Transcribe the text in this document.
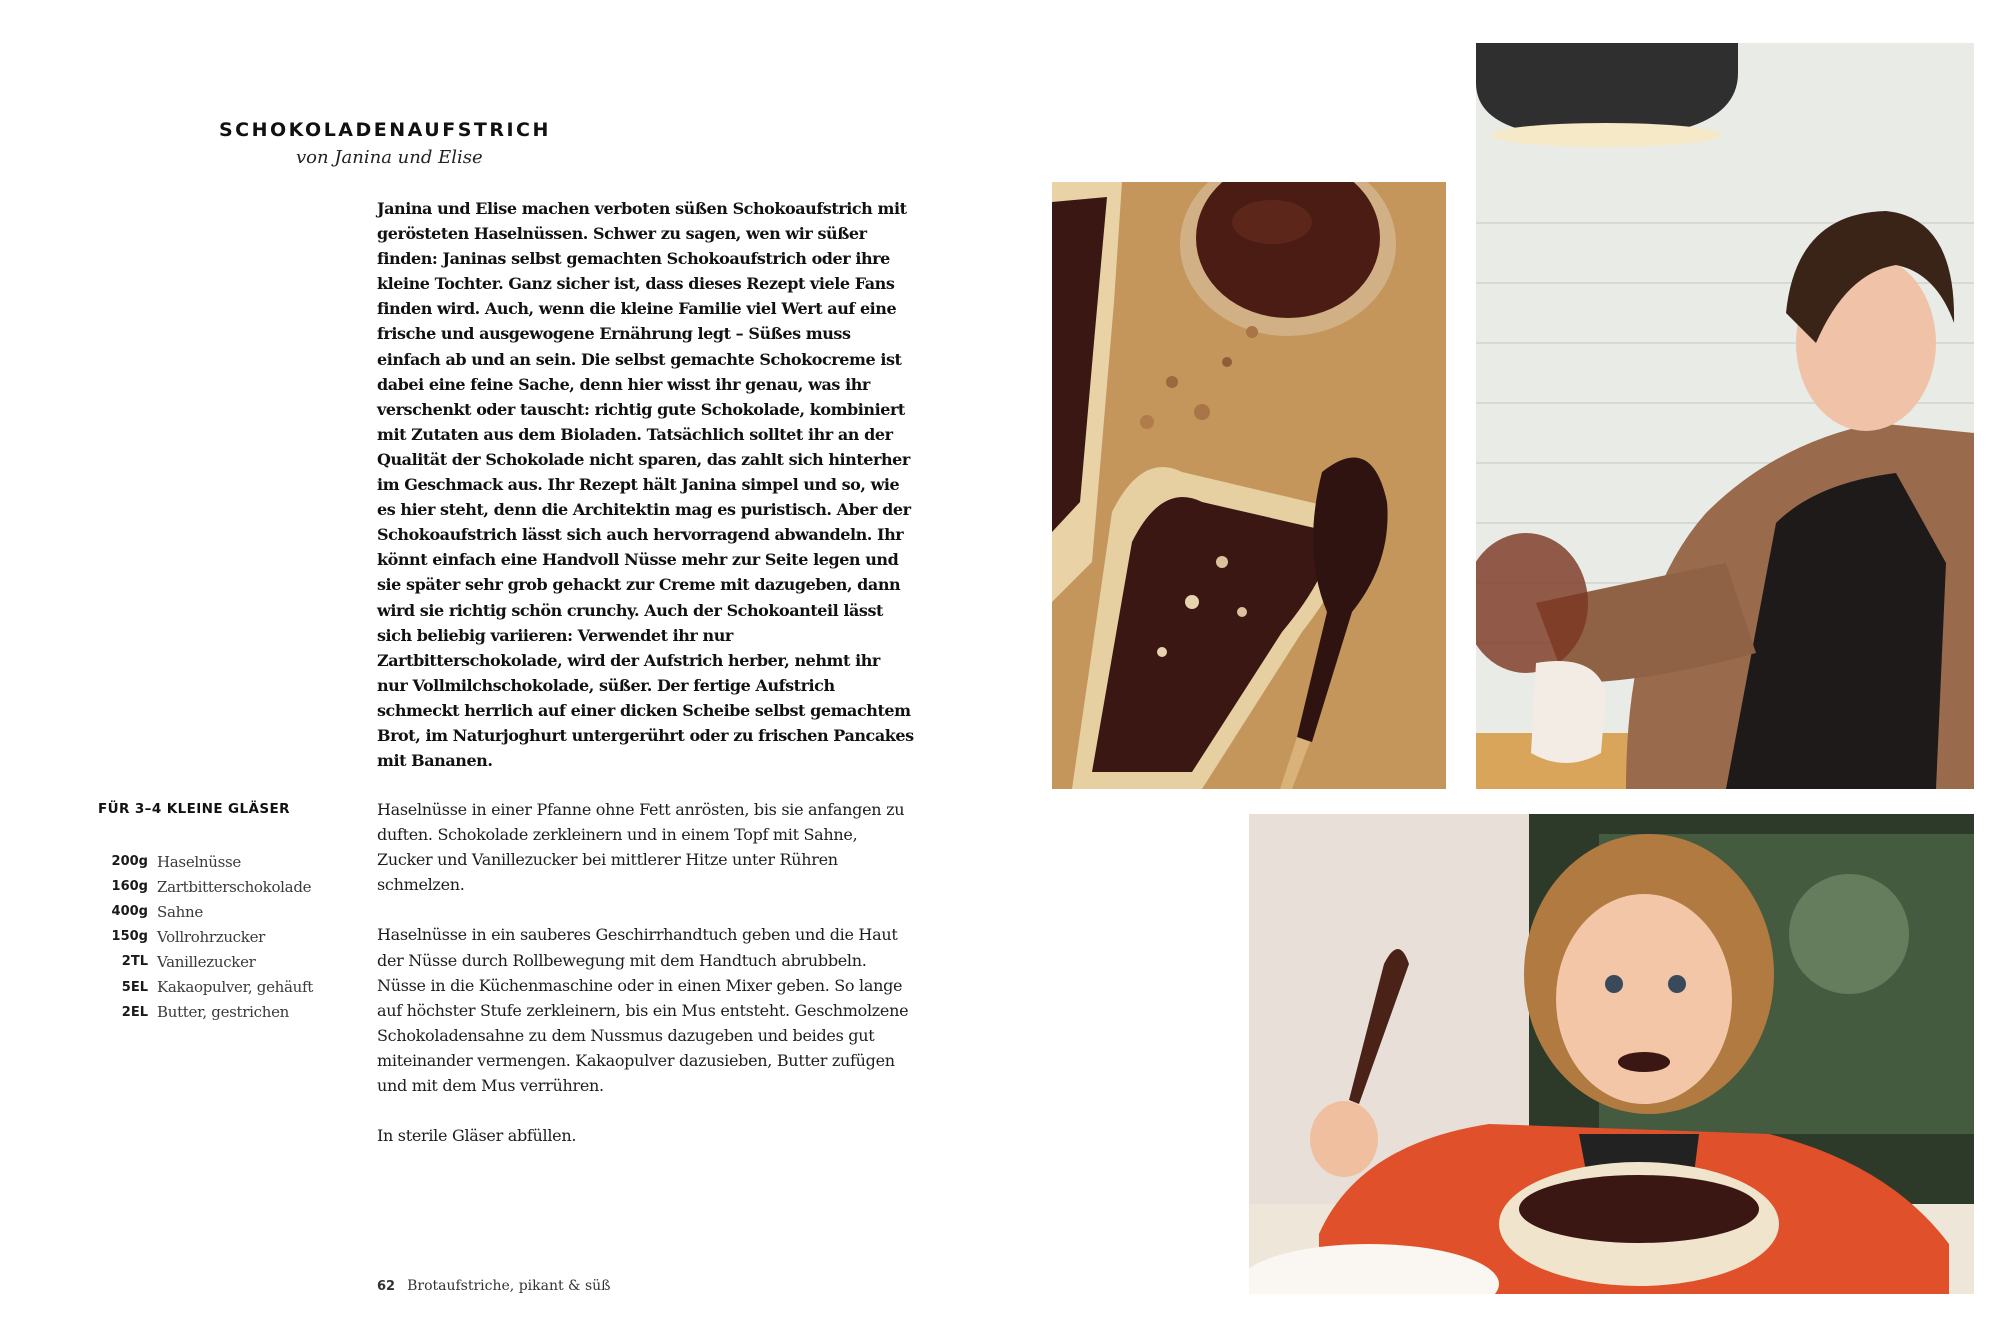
SCHOKOLADENAUFSTRICH
von Janina und Elise

Janina und Elise machen verboten süßen Schokoaufstrich mit gerösteten Haselnüssen. Schwer zu sagen, wen wir süßer finden: Janinas selbst gemachten Schokoaufstrich oder ihre kleine Tochter. Ganz sicher ist, dass dieses Rezept viele Fans finden wird. Auch, wenn die kleine Familie viel Wert auf eine frische und ausgewogene Ernährung legt – Süßes muss einfach ab und an sein. Die selbst gemachte Schokocreme ist dabei eine feine Sache, denn hier wisst ihr genau, was ihr verschenkt oder tauscht: richtig gute Schokolade, kombiniert mit Zutaten aus dem Bioladen. Tatsächlich solltet ihr an der Qualität der Schokolade nicht sparen, das zahlt sich hinterher im Geschmack aus. Ihr Rezept hält Janina simpel und so, wie es hier steht, denn die Architektin mag es puristisch. Aber der Schokoaufstrich lässt sich auch hervorragend abwandeln. Ihr könnt einfach eine Handvoll Nüsse mehr zur Seite legen und sie später sehr grob gehackt zur Creme mit dazugeben, dann wird sie richtig schön crunchy. Auch der Schokoanteil lässt sich beliebig variieren: Verwendet ihr nur Zartbitterschokolade, wird der Aufstrich herber, nehmt ihr nur Vollmilchschokolade, süßer. Der fertige Aufstrich schmeckt herrlich auf einer dicken Scheibe selbst gemachtem Brot, im Naturjoghurt untergerührt oder zu frischen Pancakes mit Bananen.

FÜR 3–4 KLEINE GLÄSER
200g Haselnüsse
160g Zartbitterschokolade
400g Sahne
150g Vollrohrzucker
2TL Vanillezucker
5EL Kakaopulver, gehäuft
2EL Butter, gestrichen

Haselnüsse in einer Pfanne ohne Fett anrösten, bis sie anfangen zu duften. Schokolade zerkleinern und in einem Topf mit Sahne, Zucker und Vanillezucker bei mittlerer Hitze unter Rühren schmelzen.

Haselnüsse in ein sauberes Geschirrhandtuch geben und die Haut der Nüsse durch Rollbewegung mit dem Handtuch abrubbeln. Nüsse in die Küchenmaschine oder in einen Mixer geben. So lange auf höchster Stufe zerkleinern, bis ein Mus entsteht. Geschmolzene Schokoladensahne zu dem Nussmus dazugeben und beides gut miteinander vermengen. Kakaopulver dazusieben, Butter zufügen und mit dem Mus verrühren.

In sterile Gläser abfüllen.

62 Brotaufstriche, pikant & süß
